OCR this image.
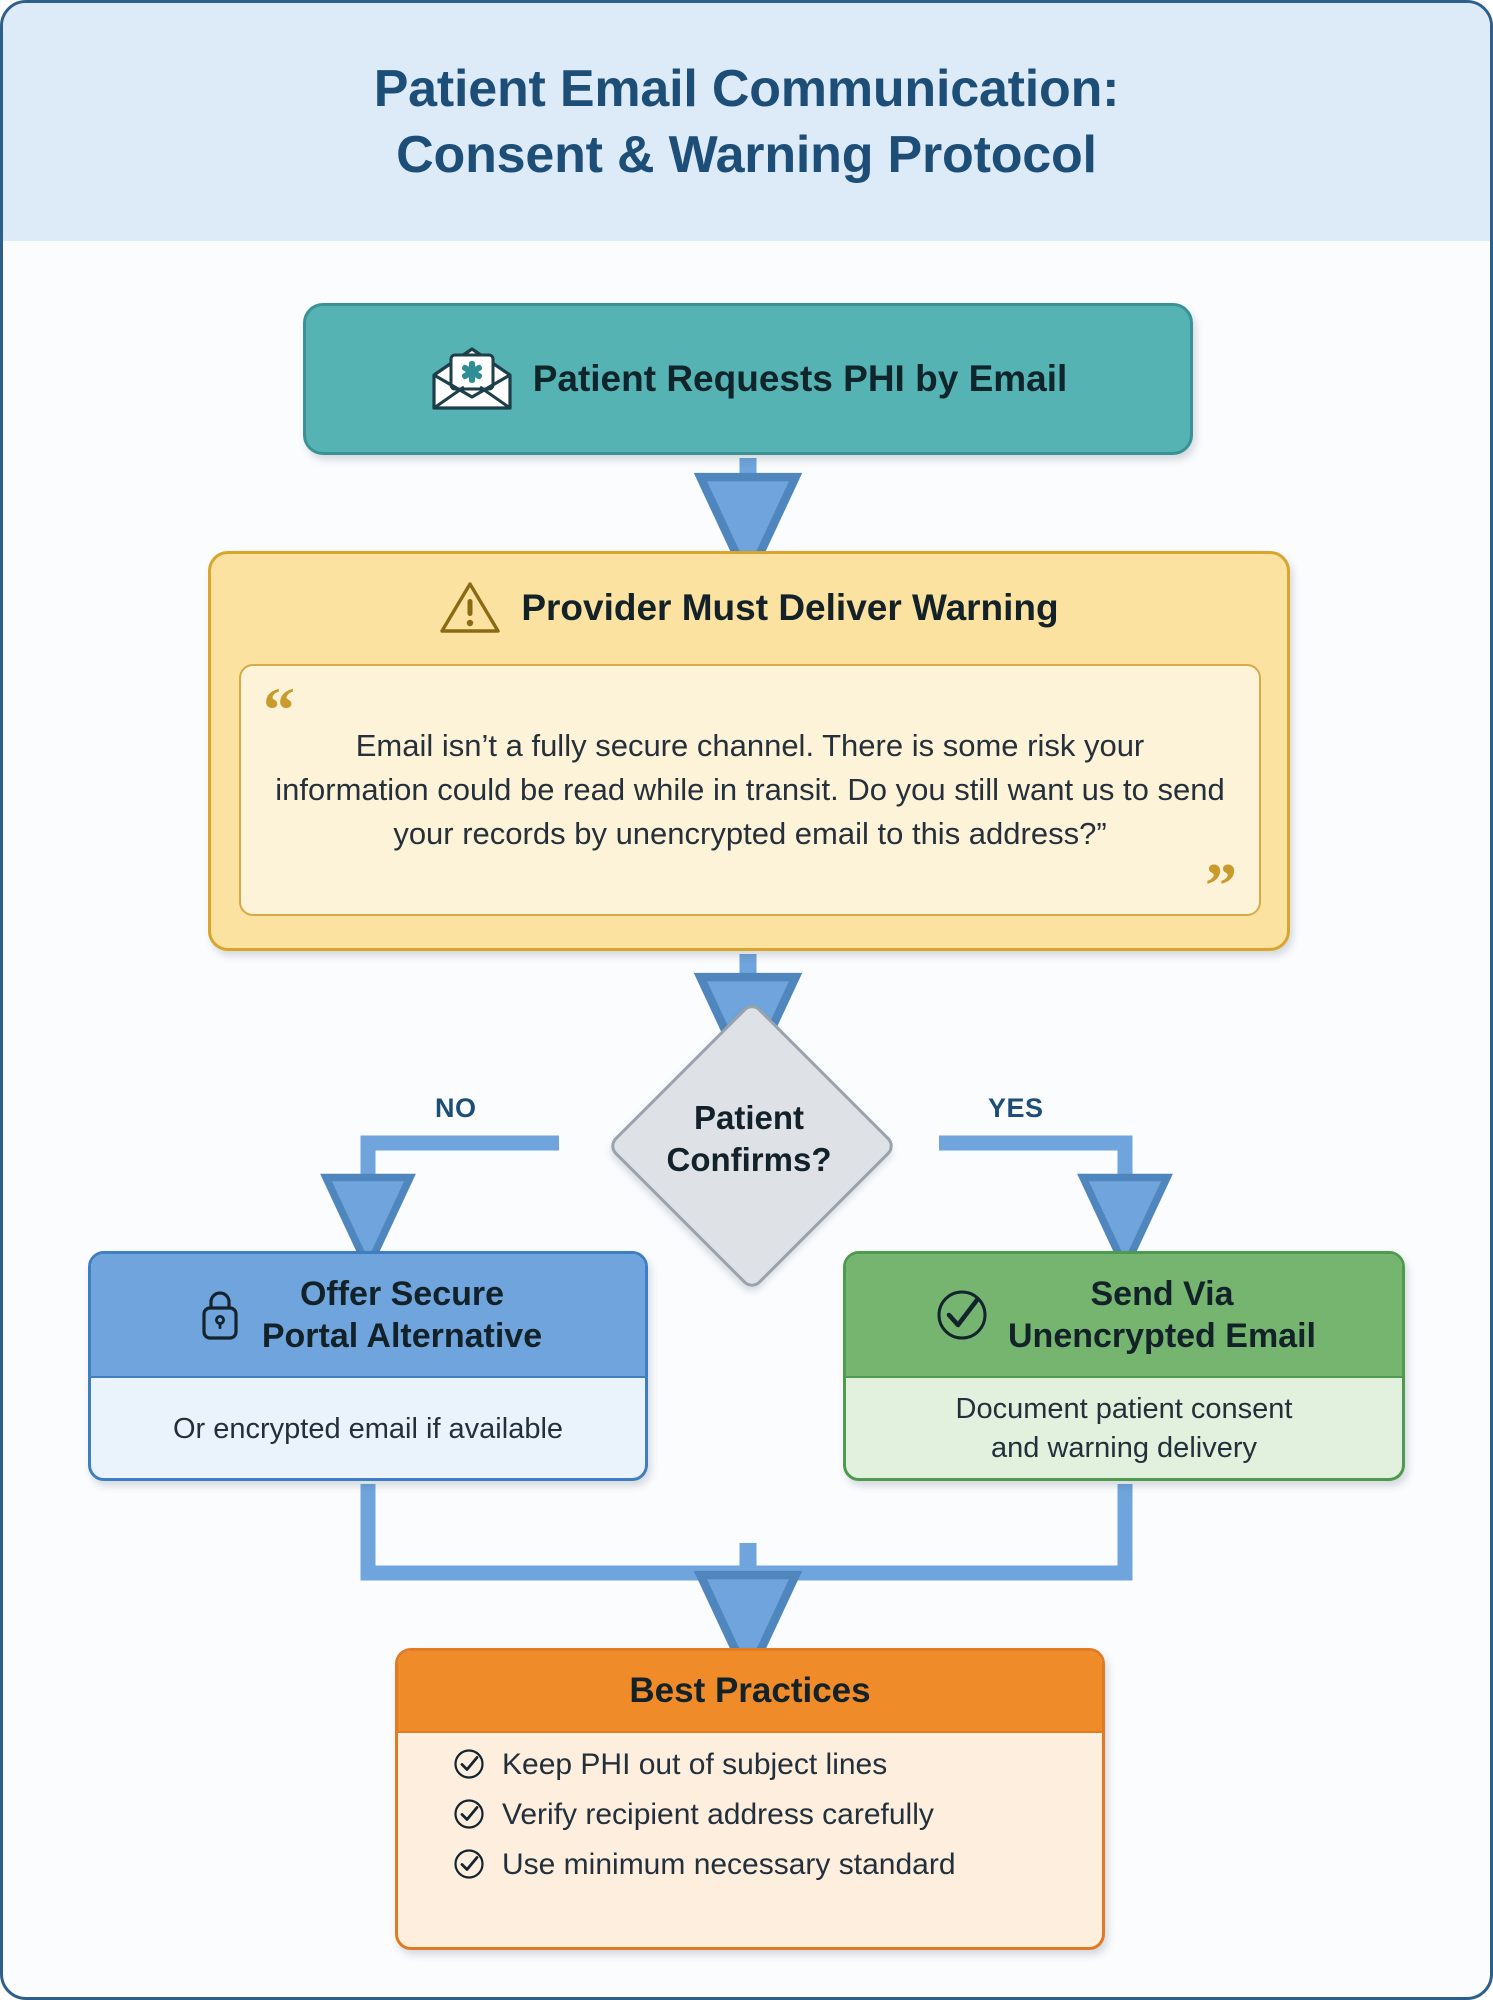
Patient Email Communication:
Consent & Warning Protocol
Patient Requests PHI by Email
Provider Must Deliver Warning
“

Email isn’t a fully secure channel. There is some risk your information could be read while in transit. Do you still want us to send your records by unencrypted email to this address?”

”
Patient
Confirms?
NO	YES
Offer Secure
Portal Alternative
Or encrypted email if available
Send Via
Unencrypted Email
Document patient consent
and warning delivery
Best Practices
Keep PHI out of subject lines
Verify recipient address carefully
Use minimum necessary standard
